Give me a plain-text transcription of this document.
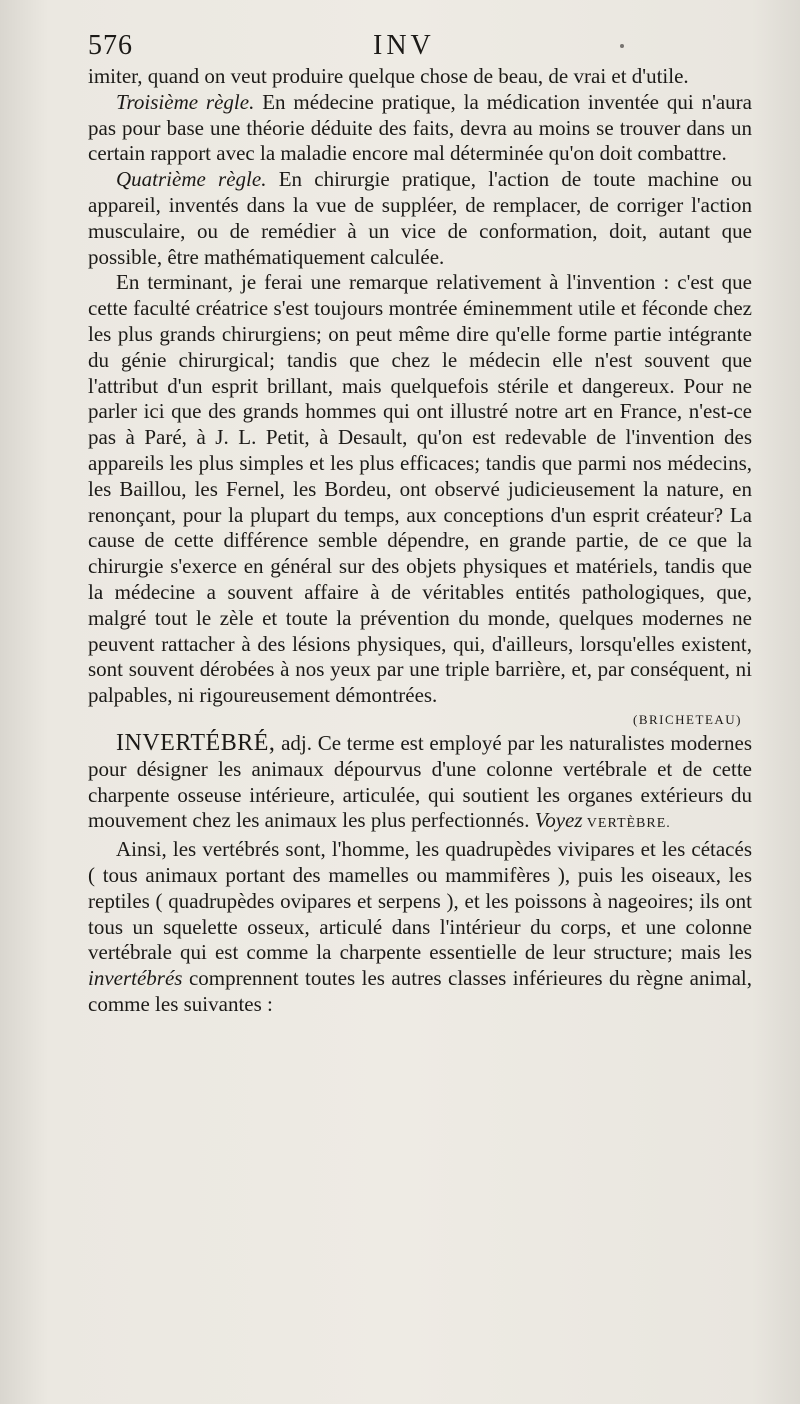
576	INV

imiter, quand on veut produire quelque chose de beau, de vrai et d'utile.

Troisième règle. En médecine pratique, la médication inventée qui n'aura pas pour base une théorie déduite des faits, devra au moins se trouver dans un certain rapport avec la maladie encore mal déterminée qu'on doit combattre.

Quatrième règle. En chirurgie pratique, l'action de toute machine ou appareil, inventés dans la vue de suppléer, de remplacer, de corriger l'action musculaire, ou de remédier à un vice de conformation, doit, autant que possible, être mathématiquement calculée.

En terminant, je ferai une remarque relativement à l'invention : c'est que cette faculté créatrice s'est toujours montrée éminemment utile et féconde chez les plus grands chirurgiens; on peut même dire qu'elle forme partie intégrante du génie chirurgical; tandis que chez le médecin elle n'est souvent que l'attribut d'un esprit brillant, mais quelquefois stérile et dangereux. Pour ne parler ici que des grands hommes qui ont illustré notre art en France, n'est-ce pas à Paré, à J. L. Petit, à Desault, qu'on est redevable de l'invention des appareils les plus simples et les plus efficaces; tandis que parmi nos médecins, les Baillou, les Fernel, les Bordeu, ont observé judicieusement la nature, en renonçant, pour la plupart du temps, aux conceptions d'un esprit créateur? La cause de cette différence semble dépendre, en grande partie, de ce que la chirurgie s'exerce en général sur des objets physiques et matériels, tandis que la médecine a souvent affaire à de véritables entités pathologiques, que, malgré tout le zèle et toute la prévention du monde, quelques modernes ne peuvent rattacher à des lésions physiques, qui, d'ailleurs, lorsqu'elles existent, sont souvent dérobées à nos yeux par une triple barrière, et, par conséquent, ni palpables, ni rigoureusement démontrées.

(BRICHETEAU)

INVERTÉBRÉ, adj. Ce terme est employé par les naturalistes modernes pour désigner les animaux dépourvus d'une colonne vertébrale et de cette charpente osseuse intérieure, articulée, qui soutient les organes extérieurs du mouvement chez les animaux les plus perfectionnés. Voyez VERTÈBRE.

Ainsi, les vertébrés sont, l'homme, les quadrupèdes vivipares et les cétacés ( tous animaux portant des mamelles ou mammifères ), puis les oiseaux, les reptiles ( quadrupèdes ovipares et serpens ), et les poissons à nageoires; ils ont tous un squelette osseux, articulé dans l'intérieur du corps, et une colonne vertébrale qui est comme la charpente essentielle de leur structure; mais les invertébrés comprennent toutes les autres classes inférieures du règne animal, comme les suivantes :
